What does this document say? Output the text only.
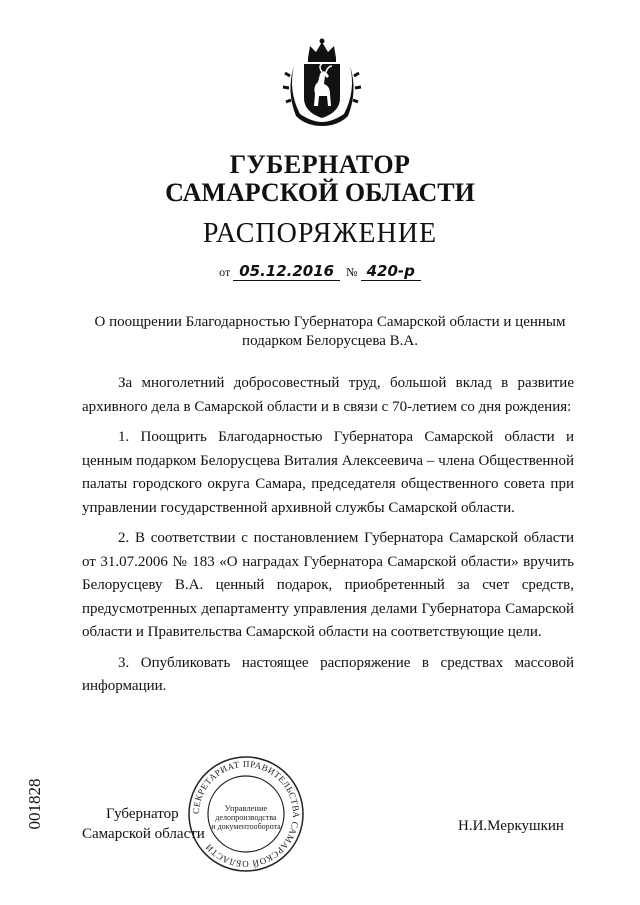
ГУБЕРНАТОР
САМАРСКОЙ ОБЛАСТИ
РАСПОРЯЖЕНИЕ
от 05.12.2016 № 420-р
О поощрении Благодарностью Губернатора Самарской области и ценным подарком Белорусцева В.А.

За многолетний добросовестный труд, большой вклад в развитие архивного дела в Самарской области и в связи с 70-летием со дня рождения:

1. Поощрить Благодарностью Губернатора Самарской области и ценным подарком Белорусцева Виталия Алексеевича – члена Общественной палаты городского округа Самара, председателя общественного совета при управлении государственной архивной службы Самарской области.

2. В соответствии с постановлением Губернатора Самарской области от 31.07.2006 № 183 «О наградах Губернатора Самарской области» вручить Белорусцеву В.А. ценный подарок, приобретенный за счет средств, предусмотренных департаменту управления делами Губернатора Самарской области и Правительства Самарской области на соответствующие цели.

3. Опубликовать настоящее распоряжение в средствах массовой информации.

Губернатор
Самарской области
СЕКРЕТАРИАТ ПРАВИТЕЛЬСТВА САМАРСКОЙ ОБЛАСТИ
Управление
делопроизводства
и документооборота	Н.И.Меркушкин
001828
